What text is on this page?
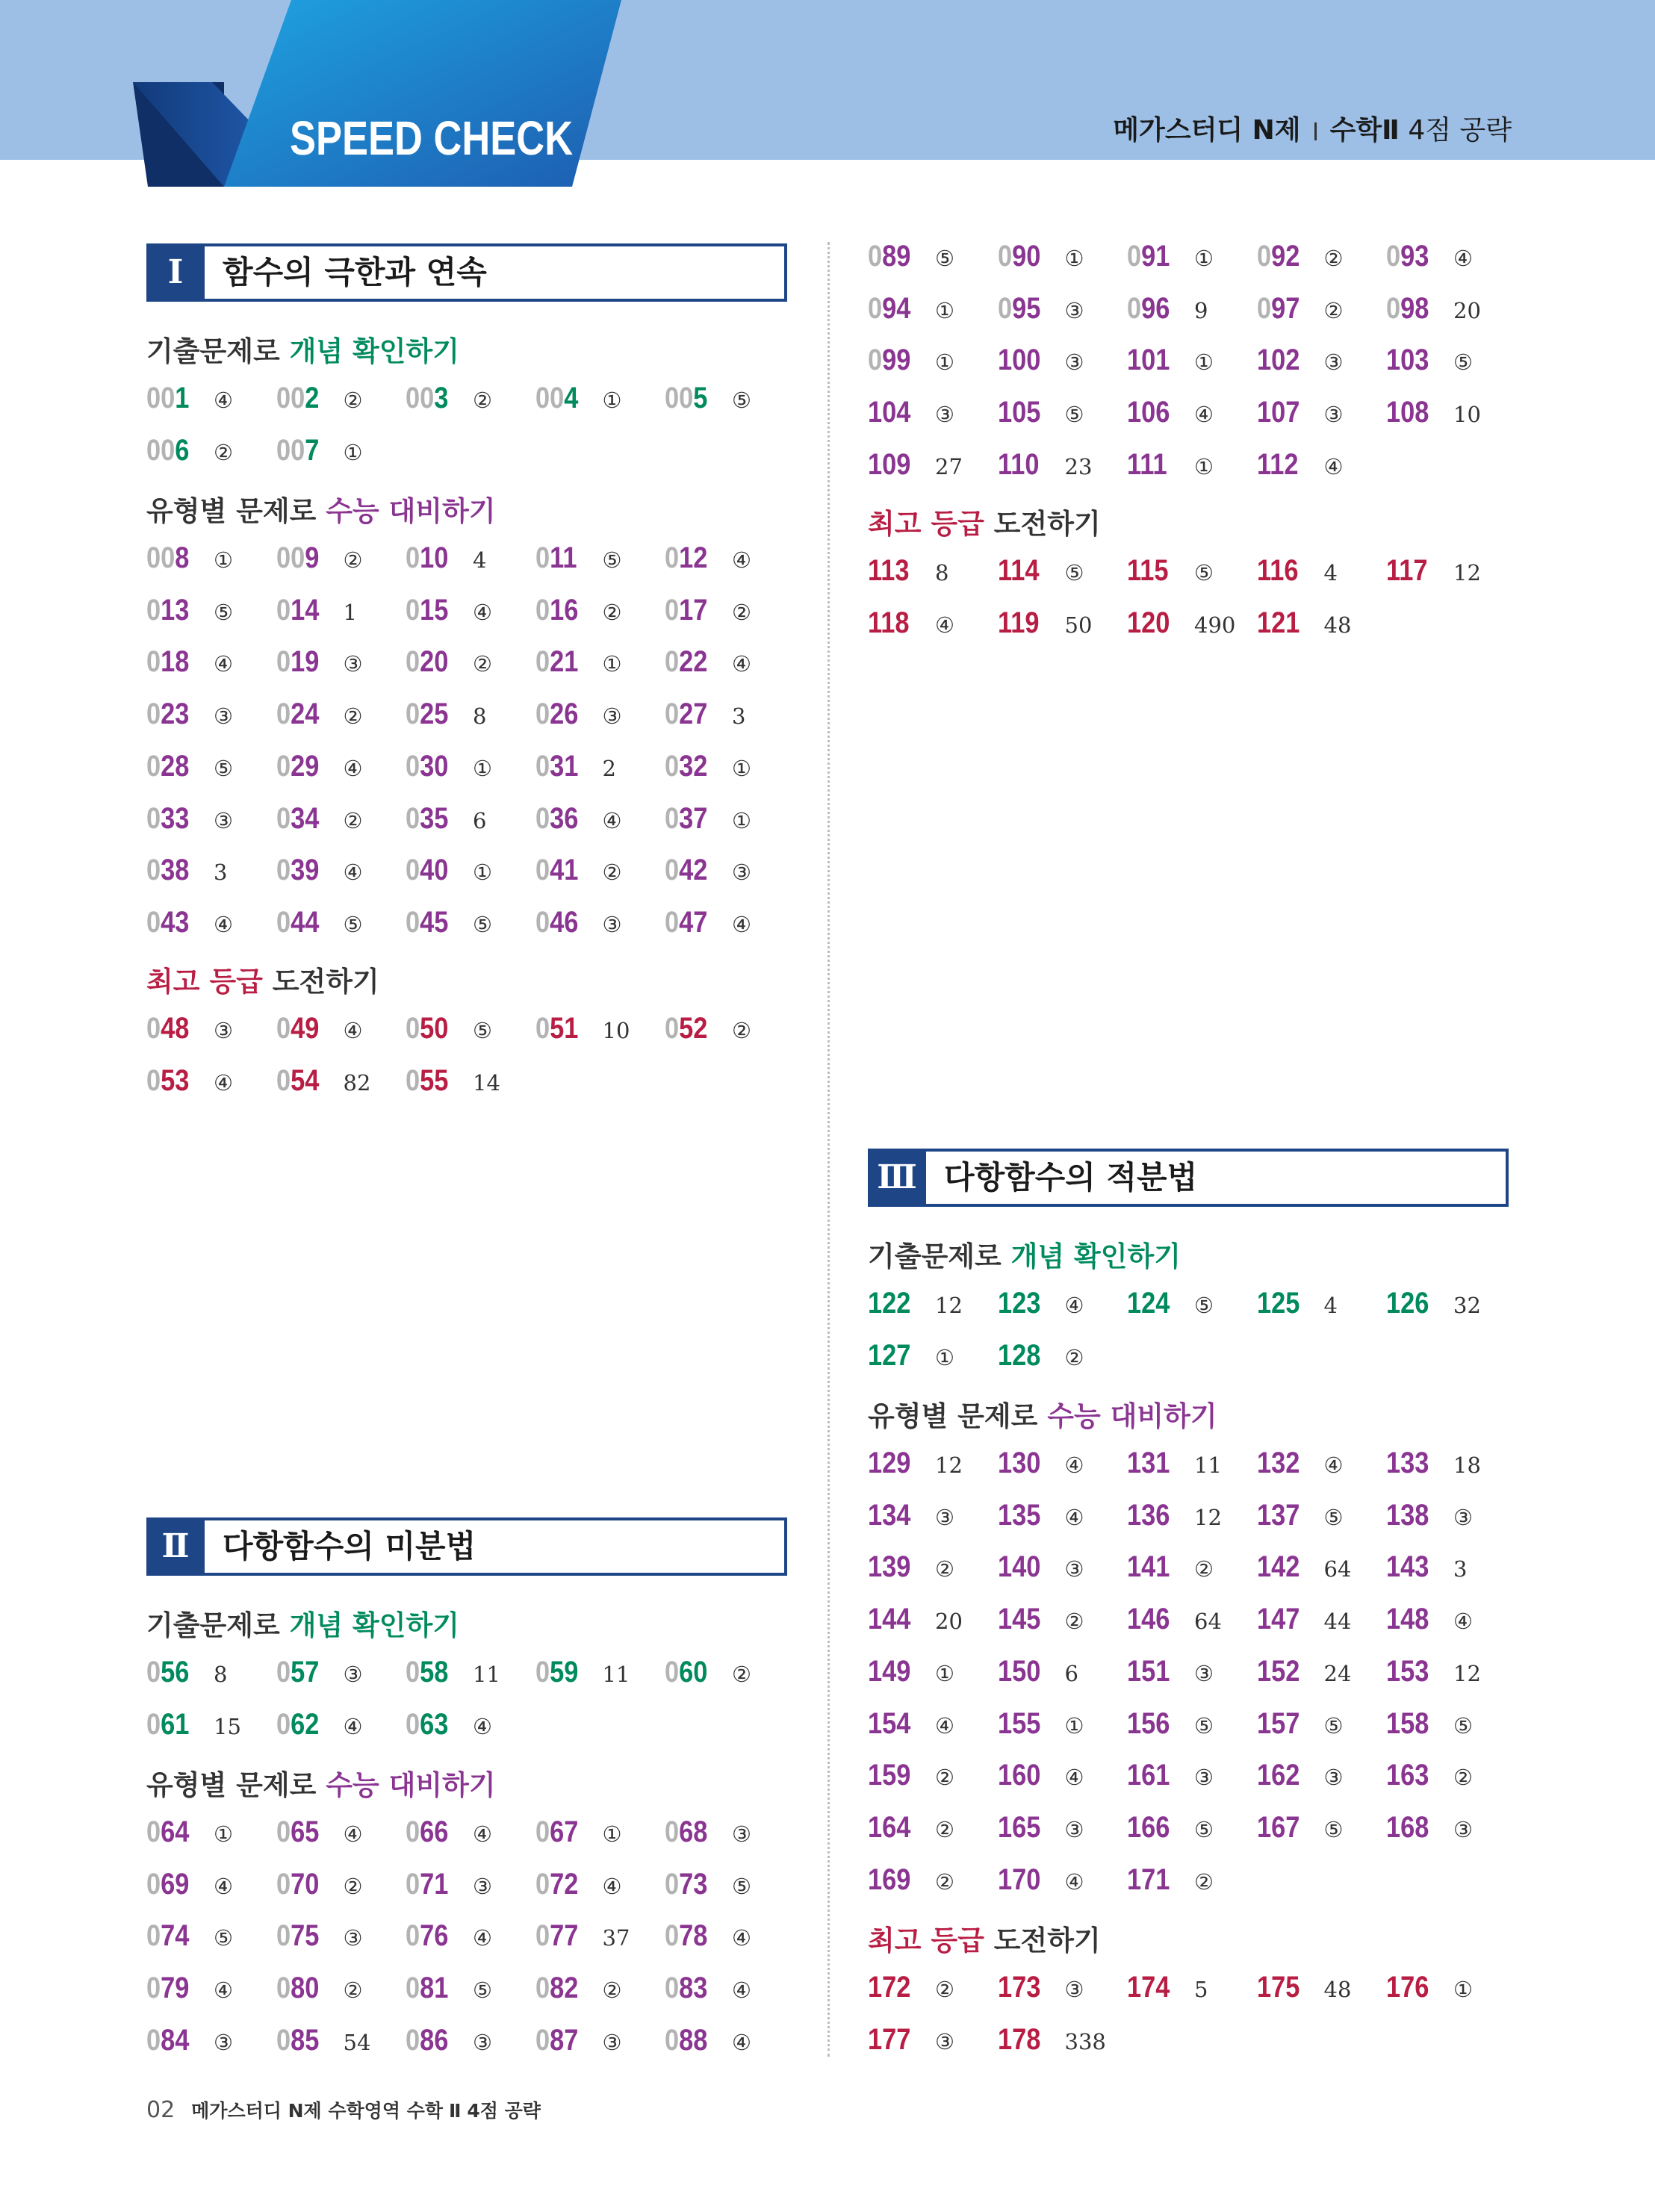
SPEED CHECK	메가스터디 N제 수학Ⅱ 4점 공략
Ⅰ	함수의 극한과 연속
기출문제로 개념 확인하기
001 ④ 002 ② 003 ② 004 ① 005 ⑤
006 ② 007 ①
유형별 문제로 수능 대비하기
008 ① 009 ② 010 4 011 ⑤ 012 ④
013 ⑤ 014 1 015 ④ 016 ② 017 ②
018 ④ 019 ③ 020 ② 021 ① 022 ④
023 ③ 024 ② 025 8 026 ③ 027 3
028 ⑤ 029 ④ 030 ① 031 2 032 ①
033 ③ 034 ② 035 6 036 ④ 037 ①
038 3 039 ④ 040 ① 041 ② 042 ③
043 ④ 044 ⑤ 045 ⑤ 046 ③ 047 ④
최고 등급 도전하기
048 ③ 049 ④ 050 ⑤ 051 10 052 ②
053 ④ 054 82 055 14
Ⅱ	다항함수의 미분법
기출문제로 개념 확인하기
056 8 057 ③ 058 11 059 11 060 ②
061 15 062 ④ 063 ④
유형별 문제로 수능 대비하기
064 ① 065 ④ 066 ④ 067 ① 068 ③
069 ④ 070 ② 071 ③ 072 ④ 073 ⑤
074 ⑤ 075 ③ 076 ④ 077 37 078 ④
079 ④ 080 ② 081 ⑤ 082 ② 083 ④
084 ③ 085 54 086 ③ 087 ③ 088 ④
089 ⑤ 090 ① 091 ① 092 ② 093 ④
094 ① 095 ③ 096 9 097 ② 098 20
099 ① 100 ③ 101 ① 102 ③ 103 ⑤
104 ③ 105 ⑤ 106 ④ 107 ③ 108 10
109 27 110 23 111 ① 112 ④
최고 등급 도전하기
113 8 114 ⑤ 115 ⑤ 116 4 117 12
118 ④ 119 50 120 490 121 48
Ⅲ 다항함수의 적분법
기출문제로 개념 확인하기
122 12 123 ④ 124 ⑤ 125 4 126 32
127 ① 128 ②
유형별 문제로 수능 대비하기
129 12 130 ④ 131 11 132 ④ 133 18
134 ③ 135 ④ 136 12 137 ⑤ 138 ③
139 ② 140 ③ 141 ② 142 64 143 3
144 20 145 ② 146 64 147 44 148 ④
149 ① 150 6 151 ③ 152 24 153 12
154 ④ 155 ① 156 ⑤ 157 ⑤ 158 ⑤
159 ② 160 ④ 161 ③ 162 ③ 163 ②
164 ② 165 ③ 166 ⑤ 167 ⑤ 168 ③
169 ② 170 ④ 171 ②
최고 등급 도전하기
172 ② 173 ③ 174 5 175 48 176 ①
177 ③ 178 338
02 메가스터디 N제 수학영역 수학 Ⅱ 4점 공략
